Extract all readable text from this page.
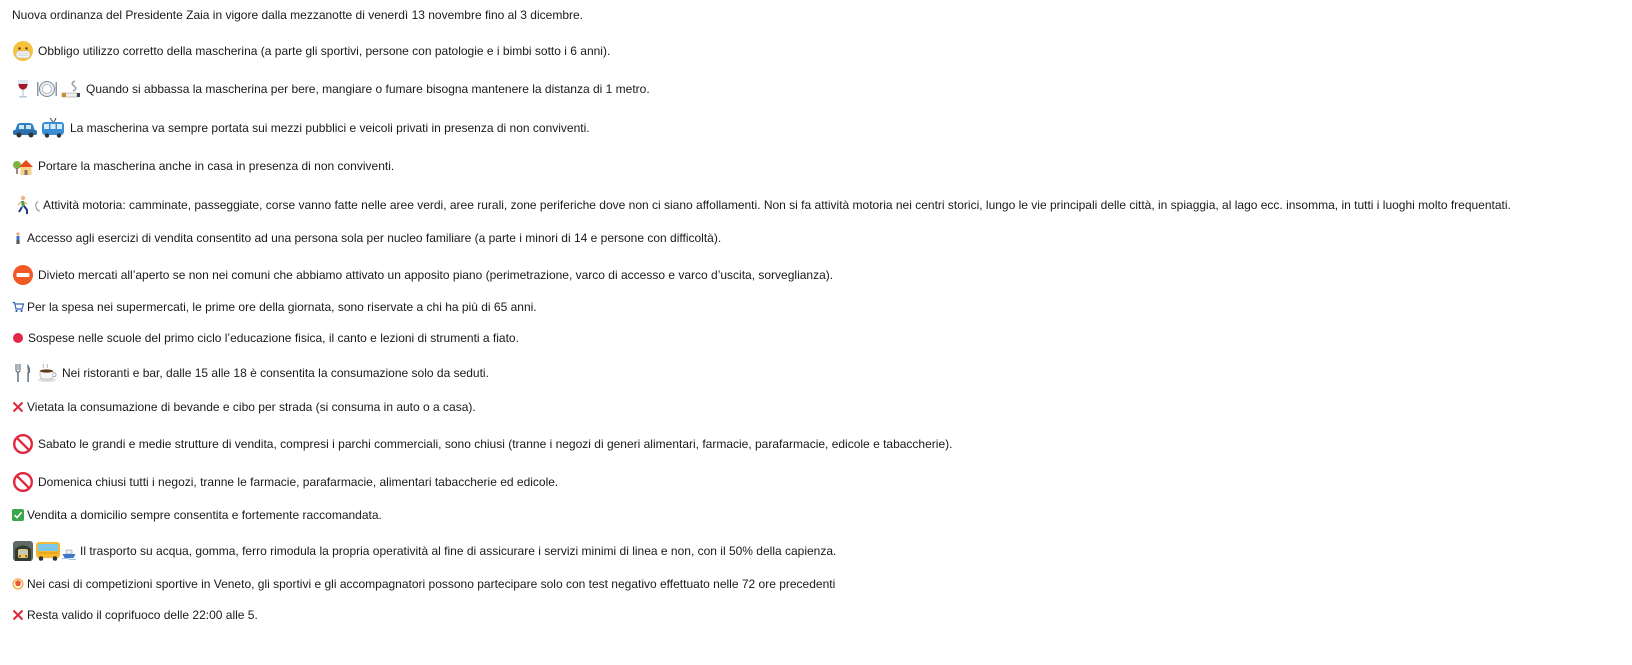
Nuova ordinanza del Presidente Zaia in vigore dalla mezzanotte di venerdì 13 novembre fino al 3 dicembre.
Obbligo utilizzo corretto della mascherina (a parte gli sportivi, persone con patologie e i bimbi sotto i 6 anni).
Quando si abbassa la mascherina per bere, mangiare o fumare bisogna mantenere la distanza di 1 metro.
La mascherina va sempre portata sui mezzi pubblici e veicoli privati in presenza di non conviventi.
Portare la mascherina anche in casa in presenza di non conviventi.
Attività motoria: camminate, passeggiate, corse vanno fatte nelle aree verdi, aree rurali, zone periferiche dove non ci siano affollamenti. Non si fa attività motoria nei centri storici, lungo le vie principali delle città, in spiaggia, al lago ecc. insomma, in tutti i luoghi molto frequentati.
Accesso agli esercizi di vendita consentito ad una persona sola per nucleo familiare (a parte i minori di 14 e persone con difficoltà).
Divieto mercati all’aperto se non nei comuni che abbiamo attivato un apposito piano (perimetrazione, varco di accesso e varco d’uscita, sorveglianza).
Per la spesa nei supermercati, le prime ore della giornata, sono riservate a chi ha più di 65 anni.
Sospese nelle scuole del primo ciclo l’educazione fisica, il canto e lezioni di strumenti a fiato.
Nei ristoranti e bar, dalle 15 alle 18 è consentita la consumazione solo da seduti.
Vietata la consumazione di bevande e cibo per strada (si consuma in auto o a casa).
Sabato le grandi e medie strutture di vendita, compresi i parchi commerciali, sono chiusi (tranne i negozi di generi alimentari, farmacie, parafarmacie, edicole e tabaccherie).
Domenica chiusi tutti i negozi, tranne le farmacie, parafarmacie, alimentari tabaccherie ed edicole.
Vendita a domicilio sempre consentita e fortemente raccomandata.
Il trasporto su acqua, gomma, ferro rimodula la propria operatività al fine di assicurare i servizi minimi di linea e non, con il 50% della capienza.
Nei casi di competizioni sportive in Veneto, gli sportivi e gli accompagnatori possono partecipare solo con test negativo effettuato nelle 72 ore precedenti
Resta valido il coprifuoco delle 22:00 alle 5.
